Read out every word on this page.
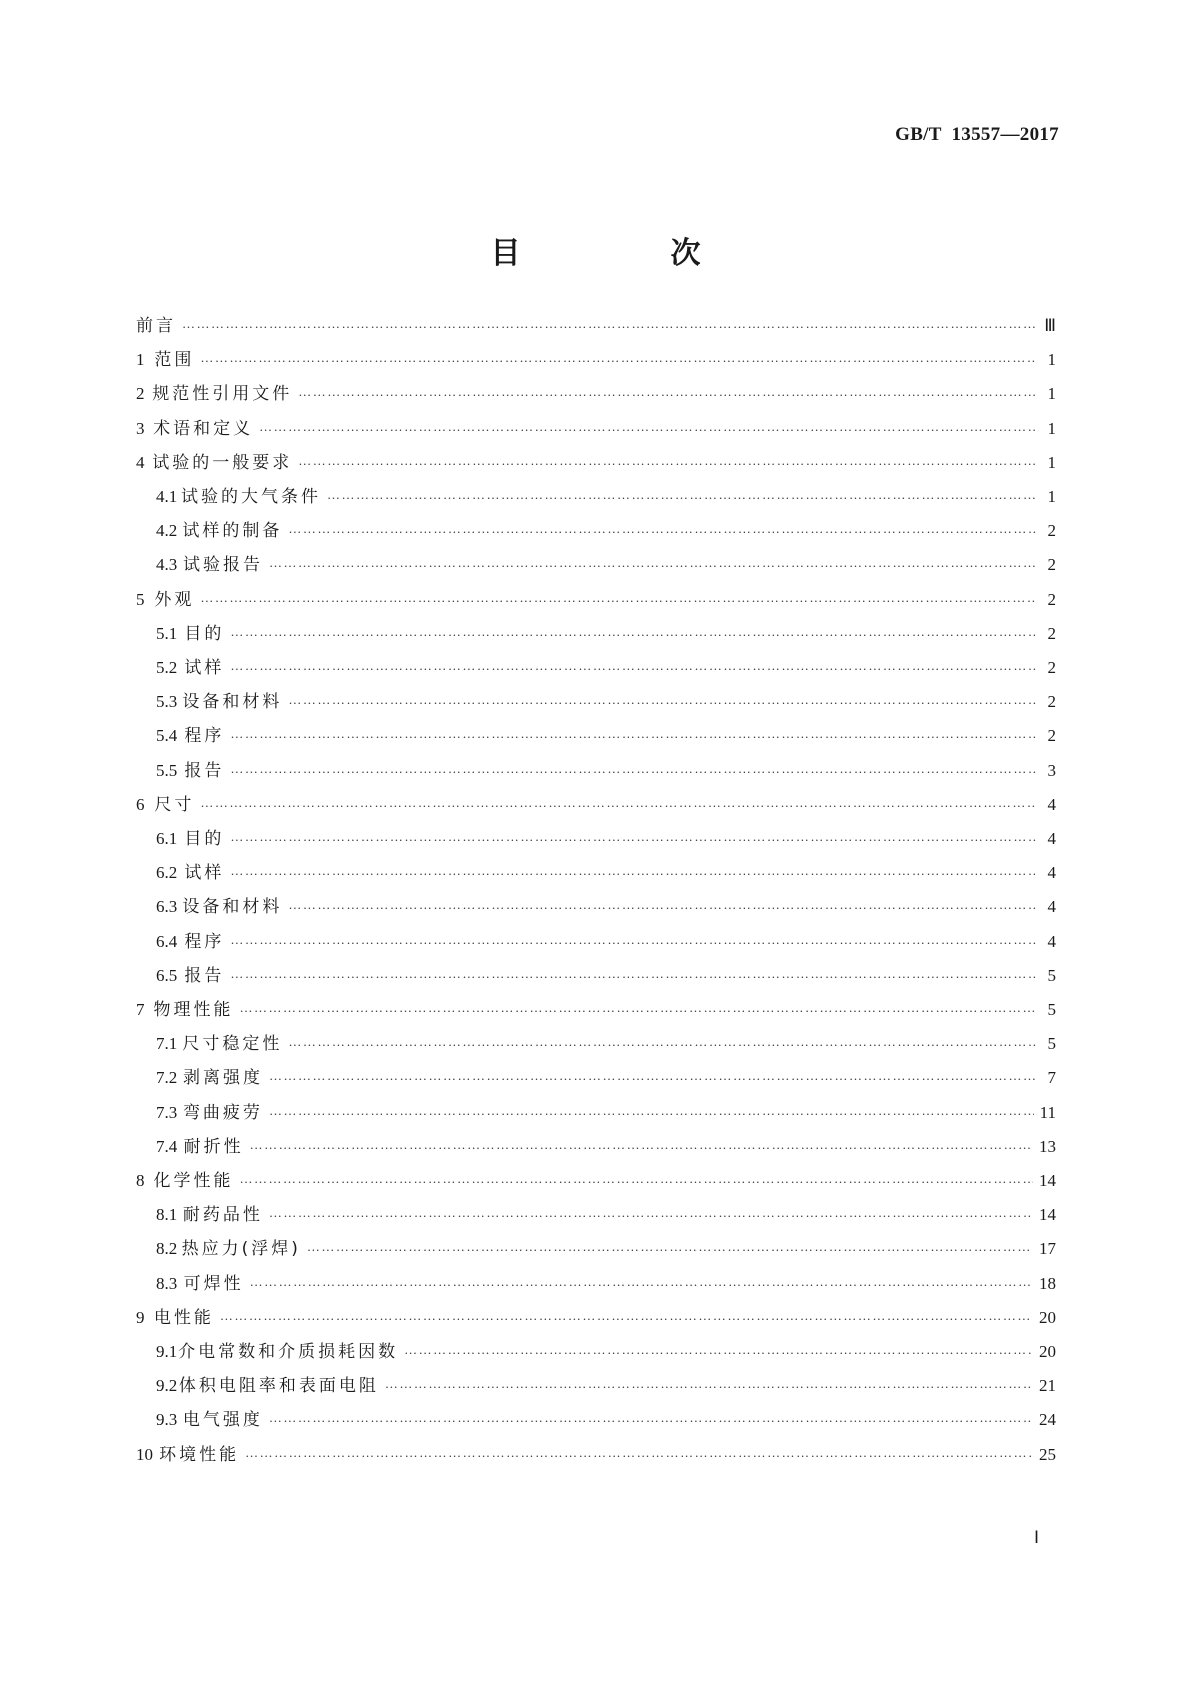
GB/T  13557—2017
目　次
前言 …………………………………………………………………………………………………………………………………………………………………………………………………………………………………………………………	Ⅲ
1 范围 …………………………………………………………………………………………………………………………………………………………………………………………………………………………………………………………	1
2 规范性引用文件 …………………………………………………………………………………………………………………………………………………………………………………………………………………………………………………………	1
3 术语和定义 …………………………………………………………………………………………………………………………………………………………………………………………………………………………………………………………	1
4 试验的一般要求 …………………………………………………………………………………………………………………………………………………………………………………………………………………………………………………………	1
4.1 试验的大气条件 …………………………………………………………………………………………………………………………………………………………………………………………………………………………………………………………	1
4.2 试样的制备 …………………………………………………………………………………………………………………………………………………………………………………………………………………………………………………………	2
4.3 试验报告 …………………………………………………………………………………………………………………………………………………………………………………………………………………………………………………………	2
5 外观 …………………………………………………………………………………………………………………………………………………………………………………………………………………………………………………………	2
5.1 目的 …………………………………………………………………………………………………………………………………………………………………………………………………………………………………………………………	2
5.2 试样 …………………………………………………………………………………………………………………………………………………………………………………………………………………………………………………………	2
5.3 设备和材料 …………………………………………………………………………………………………………………………………………………………………………………………………………………………………………………………	2
5.4 程序 …………………………………………………………………………………………………………………………………………………………………………………………………………………………………………………………	2
5.5 报告 …………………………………………………………………………………………………………………………………………………………………………………………………………………………………………………………	3
6 尺寸 …………………………………………………………………………………………………………………………………………………………………………………………………………………………………………………………	4
6.1 目的 …………………………………………………………………………………………………………………………………………………………………………………………………………………………………………………………	4
6.2 试样 …………………………………………………………………………………………………………………………………………………………………………………………………………………………………………………………	4
6.3 设备和材料 …………………………………………………………………………………………………………………………………………………………………………………………………………………………………………………………	4
6.4 程序 …………………………………………………………………………………………………………………………………………………………………………………………………………………………………………………………	4
6.5 报告 …………………………………………………………………………………………………………………………………………………………………………………………………………………………………………………………	5
7 物理性能 …………………………………………………………………………………………………………………………………………………………………………………………………………………………………………………………	5
7.1 尺寸稳定性 …………………………………………………………………………………………………………………………………………………………………………………………………………………………………………………………	5
7.2 剥离强度 …………………………………………………………………………………………………………………………………………………………………………………………………………………………………………………………	7
7.3 弯曲疲劳 …………………………………………………………………………………………………………………………………………………………………………………………………………………………………………………………	11
7.4 耐折性 …………………………………………………………………………………………………………………………………………………………………………………………………………………………………………………………	13
8 化学性能 …………………………………………………………………………………………………………………………………………………………………………………………………………………………………………………………	14
8.1 耐药品性 …………………………………………………………………………………………………………………………………………………………………………………………………………………………………………………………	14
8.2 热应力(浮焊) …………………………………………………………………………………………………………………………………………………………………………………………………………………………………………………………	17
8.3 可焊性 …………………………………………………………………………………………………………………………………………………………………………………………………………………………………………………………	18
9 电性能 …………………………………………………………………………………………………………………………………………………………………………………………………………………………………………………………	20
9.1 介电常数和介质损耗因数 …………………………………………………………………………………………………………………………………………………………………………………………………………………………………………………………	20
9.2 体积电阻率和表面电阻 …………………………………………………………………………………………………………………………………………………………………………………………………………………………………………………………	21
9.3 电气强度 …………………………………………………………………………………………………………………………………………………………………………………………………………………………………………………………	24
10 环境性能 …………………………………………………………………………………………………………………………………………………………………………………………………………………………………………………………	25
Ⅰ
